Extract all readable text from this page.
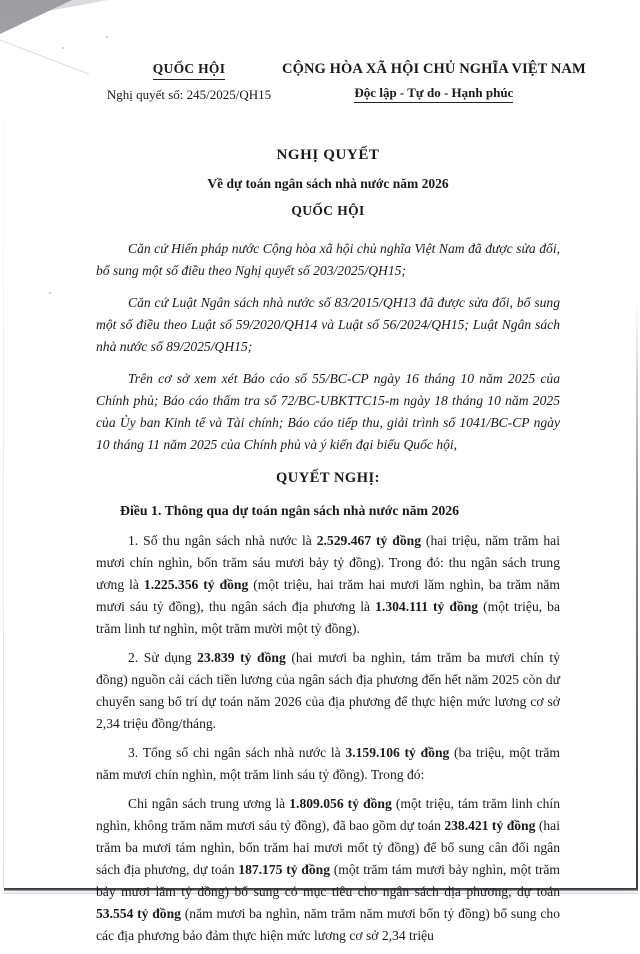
QUỐC HỘI
Nghị quyết số: 245/2025/QH15
CỘNG HÒA XÃ HỘI CHỦ NGHĨA VIỆT NAM
Độc lập - Tự do - Hạnh phúc
NGHỊ QUYẾT
Về dự toán ngân sách nhà nước năm 2026
QUỐC HỘI

Căn cứ Hiến pháp nước Cộng hòa xã hội chủ nghĩa Việt Nam đã được sửa đổi, bổ sung một số điều theo Nghị quyết số 203/2025/QH15;

Căn cứ Luật Ngân sách nhà nước số 83/2015/QH13 đã được sửa đổi, bổ sung một số điều theo Luật số 59/2020/QH14 và Luật số 56/2024/QH15; Luật Ngân sách nhà nước số 89/2025/QH15;

Trên cơ sở xem xét Báo cáo số 55/BC-CP ngày 16 tháng 10 năm 2025 của Chính phủ; Báo cáo thẩm tra số 72/BC-UBKTTC15-m ngày 18 tháng 10 năm 2025 của Ủy ban Kinh tế và Tài chính; Báo cáo tiếp thu, giải trình số 1041/BC-CP ngày 10 tháng 11 năm 2025 của Chính phủ và ý kiến đại biểu Quốc hội,

QUYẾT NGHỊ:
Điều 1. Thông qua dự toán ngân sách nhà nước năm 2026

1. Số thu ngân sách nhà nước là 2.529.467 tỷ đồng (hai triệu, năm trăm hai mươi chín nghìn, bốn trăm sáu mươi bảy tỷ đồng). Trong đó: thu ngân sách trung ương là 1.225.356 tỷ đồng (một triệu, hai trăm hai mươi lăm nghìn, ba trăm năm mươi sáu tỷ đồng), thu ngân sách địa phương là 1.304.111 tỷ đồng (một triệu, ba trăm linh tư nghìn, một trăm mười một tỷ đồng).

2. Sử dụng 23.839 tỷ đồng (hai mươi ba nghìn, tám trăm ba mươi chín tỷ đồng) nguồn cải cách tiền lương của ngân sách địa phương đến hết năm 2025 còn dư chuyển sang bố trí dự toán năm 2026 của địa phương để thực hiện mức lương cơ sở 2,34 triệu đồng/tháng.

3. Tổng số chi ngân sách nhà nước là 3.159.106 tỷ đồng (ba triệu, một trăm năm mươi chín nghìn, một trăm linh sáu tỷ đồng). Trong đó:

Chi ngân sách trung ương là 1.809.056 tỷ đồng (một triệu, tám trăm linh chín nghìn, không trăm năm mươi sáu tỷ đồng), đã bao gồm dự toán 238.421 tỷ đồng (hai trăm ba mươi tám nghìn, bốn trăm hai mươi mốt tỷ đồng) để bổ sung cân đối ngân sách địa phương, dự toán 187.175 tỷ đồng (một trăm tám mươi bảy nghìn, một trăm bảy mươi lăm tỷ đồng) bổ sung có mục tiêu cho ngân sách địa phương, dự toán 53.554 tỷ đồng (năm mươi ba nghìn, năm trăm năm mươi bốn tỷ đồng) bổ sung cho các địa phương bảo đảm thực hiện mức lương cơ sở 2,34 triệu
